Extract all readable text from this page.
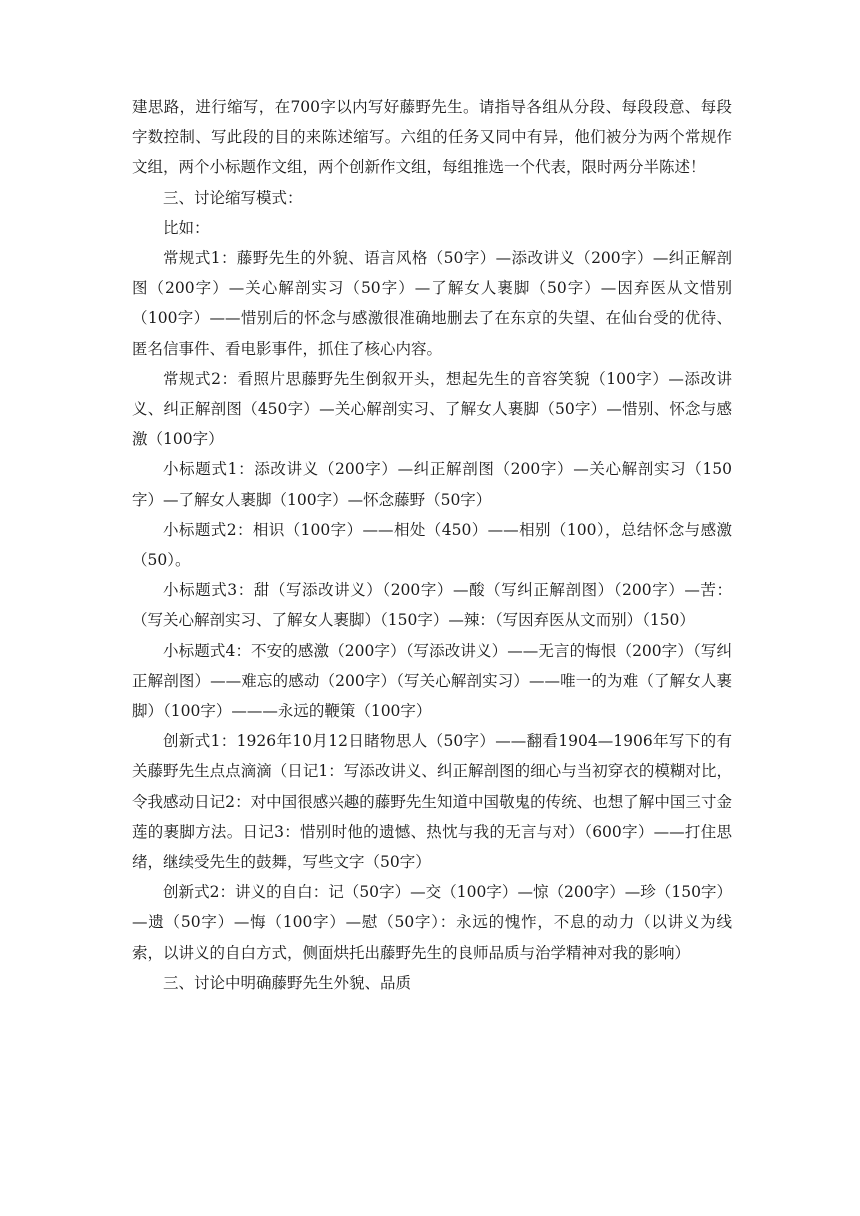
建思路，进行缩写，在700字以内写好藤野先生。请指导各组从分段、每段段意、每段字数控制、写此段的目的来陈述缩写。六组的任务又同中有异，他们被分为两个常规作文组，两个小标题作文组，两个创新作文组，每组推选一个代表，限时两分半陈述！

三、讨论缩写模式：

比如：

常规式1：藤野先生的外貌、语言风格（50字）—添改讲义（200字）—纠正解剖图（200字）—关心解剖实习（50字）—了解女人裹脚（50字）—因弃医从文惜别（100字）——惜别后的怀念与感激很准确地删去了在东京的失望、在仙台受的优待、匿名信事件、看电影事件，抓住了核心内容。

常规式2：看照片思藤野先生倒叙开头，想起先生的音容笑貌（100字）—添改讲义、纠正解剖图（450字）—关心解剖实习、了解女人裹脚（50字）—惜别、怀念与感激（100字）

小标题式1：添改讲义（200字）—纠正解剖图（200字）—关心解剖实习（150字）—了解女人裹脚（100字）—怀念藤野（50字）

小标题式2：相识（100字）——相处（450）——相别（100），总结怀念与感激（50）。

小标题式3：甜（写添改讲义）（200字）—酸（写纠正解剖图）（200字）—苦：（写关心解剖实习、了解女人裹脚）（150字）—辣：（写因弃医从文而别）（150）

小标题式4：不安的感激（200字）（写添改讲义）——无言的悔恨（200字）（写纠正解剖图）——难忘的感动（200字）（写关心解剖实习）——唯一的为难（了解女人裹脚）（100字）———永远的鞭策（100字）

创新式1：1926年10月12日睹物思人（50字）——翻看1904—1906年写下的有关藤野先生点点滴滴（日记1：写添改讲义、纠正解剖图的细心与当初穿衣的模糊对比，令我感动日记2：对中国很感兴趣的藤野先生知道中国敬鬼的传统、也想了解中国三寸金莲的裹脚方法。日记3：惜别时他的遗憾、热忱与我的无言与对）（600字）——打住思绪，继续受先生的鼓舞，写些文字（50字）

创新式2：讲义的自白：记（50字）—交（100字）—惊（200字）—珍（150字）—遗（50字）—悔（100字）—慰（50字）：永远的愧怍，不息的动力（以讲义为线索，以讲义的自白方式，侧面烘托出藤野先生的良师品质与治学精神对我的影响）

三、讨论中明确藤野先生外貌、品质
